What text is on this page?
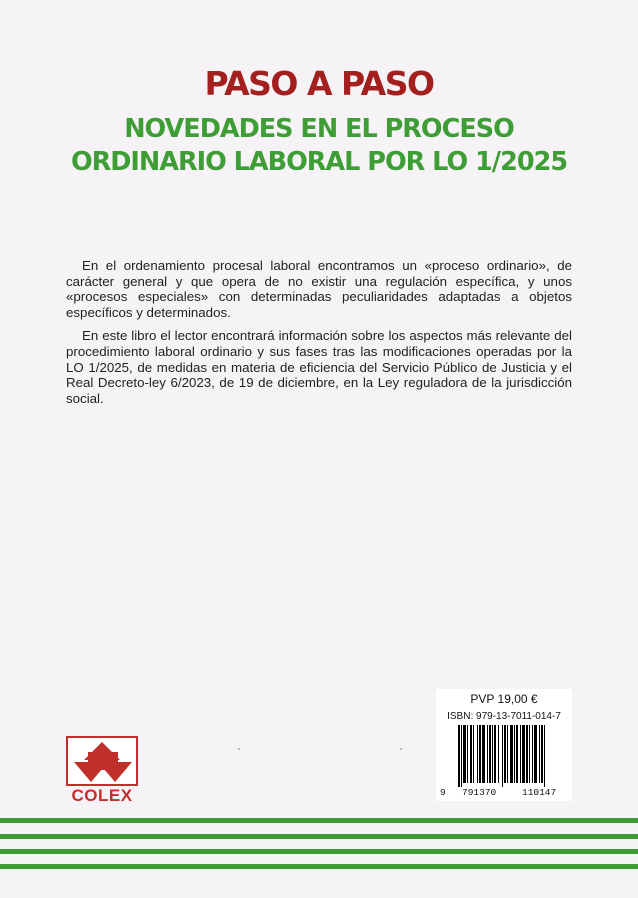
PASO A PASO
NOVEDADES EN EL PROCESO
ORDINARIO LABORAL POR LO 1/2025

En el ordenamiento procesal laboral encontramos un «proceso ordinario», de carácter general y que opera de no existir una regulación específica, y unos «procesos especiales» con determinadas peculiaridades adaptadas a objetos específicos y determinados.

En este libro el lector encontrará información sobre los aspectos más relevante del procedimiento laboral ordinario y sus fases tras las modificaciones operadas por la LO 1/2025, de medidas en materia de eficiencia del Servicio Público de Justicia y el Real Decreto-ley 6/2023, de 19 de diciembre, en la Ley reguladora de la jurisdicción social.

PVP 19,00 €
ISBN: 979-13-7011-014-7
9 791370	110147
COLEX
